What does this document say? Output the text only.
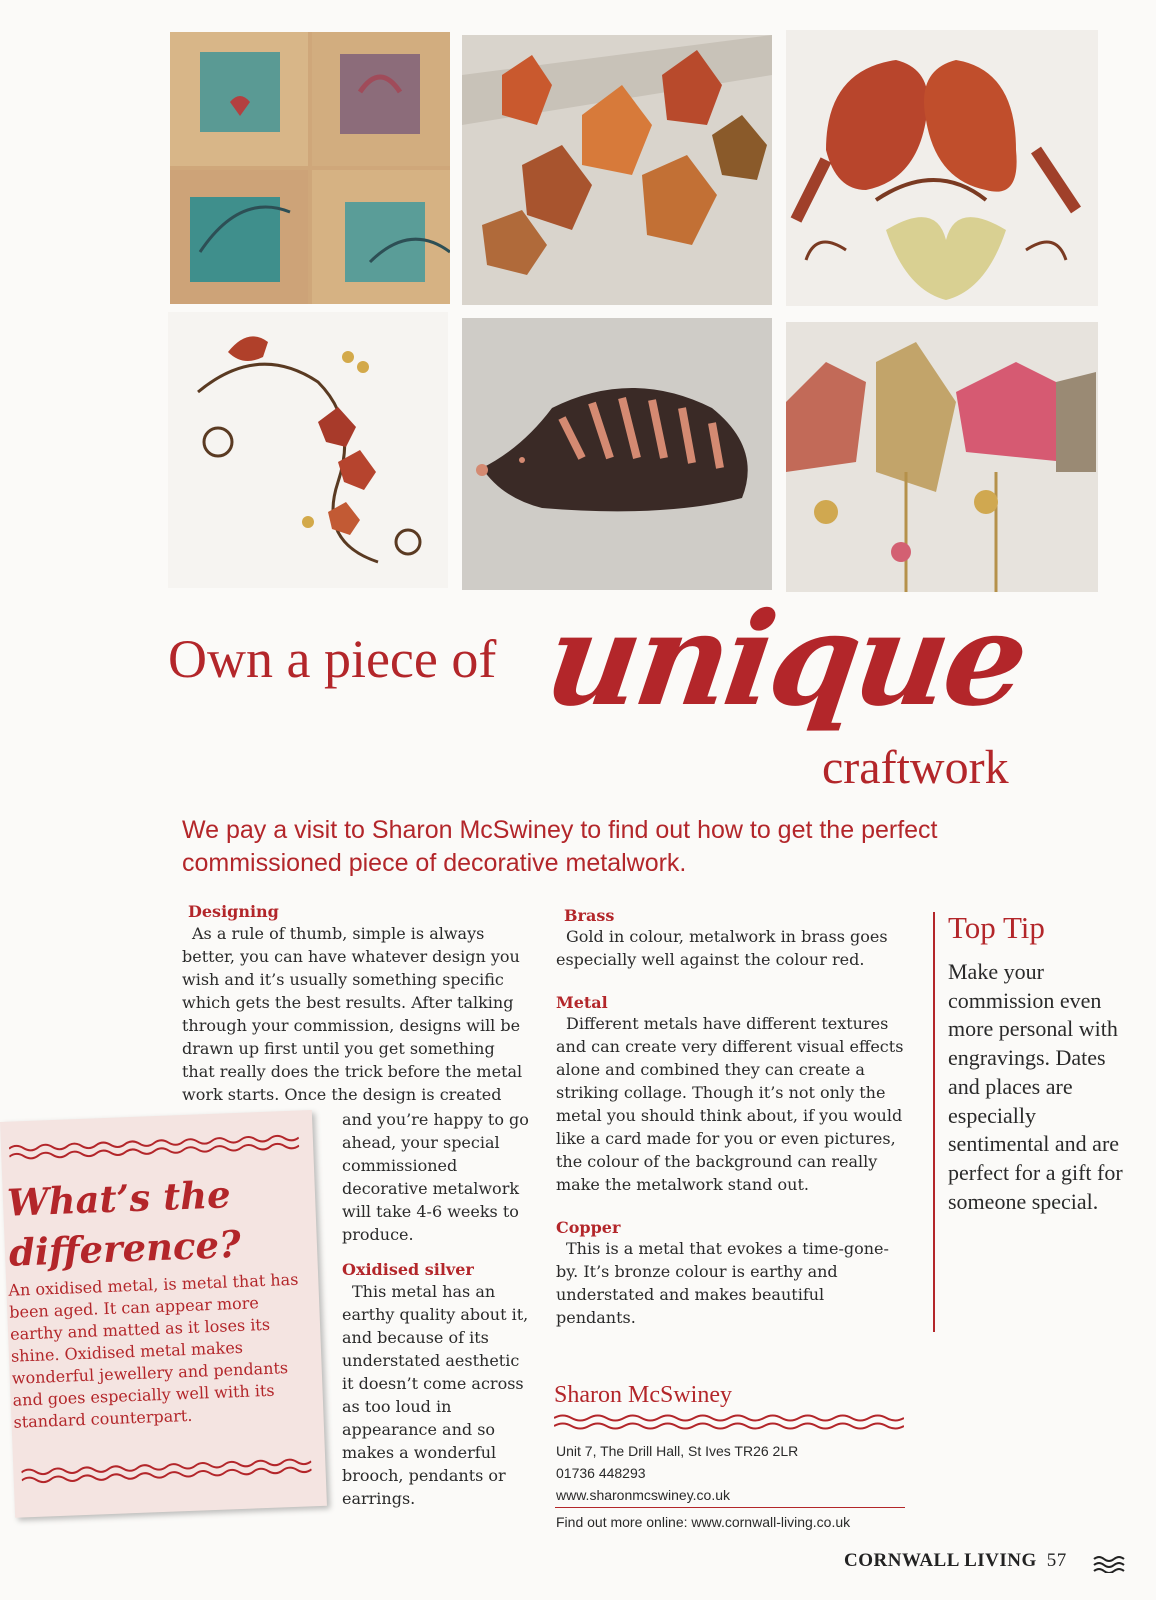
Own a piece of unique
craftwork
We pay a visit to Sharon McSwiney to find out how to get the perfect commissioned piece of decorative metalwork.

Designing

As a rule of thumb, simple is always better, you can have whatever design you wish and it’s usually something specific which gets the best results. After talking through your commission, designs will be drawn up first until you get something that really does the trick before the metal work starts. Once the design is created

and you’re happy to go ahead, your special commissioned decorative metalwork will take 4-6 weeks to produce.

Oxidised silver

This metal has an earthy quality about it, and because of its understated aesthetic it doesn’t come across as too loud in appearance and so makes a wonderful brooch, pendants or earrings.

Brass

Gold in colour, metalwork in brass goes especially well against the colour red.

Metal

Different metals have different textures and can create very different visual effects alone and combined they can create a striking collage. Though it’s not only the metal you should think about, if you would like a card made for you or even pictures, the colour of the background can really make the metalwork stand out.

Copper

This is a metal that evokes a time-gone-by. It’s bronze colour is earthy and understated and makes beautiful pendants.

What’s the difference?
An oxidised metal, is metal that has been aged. It can appear more earthy and matted as it loses its shine. Oxidised metal makes wonderful jewellery and pendants and goes especially well with its standard counterpart.
Top Tip
Make your commission even more personal with engravings. Dates and places are especially sentimental and are perfect for a gift for someone special.
Sharon McSwiney
Unit 7, The Drill Hall, St Ives TR26 2LR
01736 448293
www.sharonmcswiney.co.uk
Find out more online: www.cornwall-living.co.uk
CORNWALL LIVING 57
